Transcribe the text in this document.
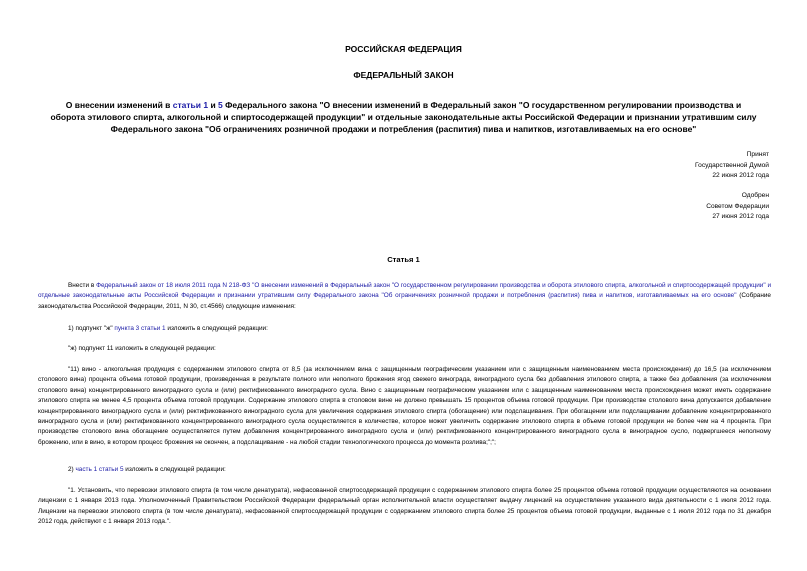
РОССИЙСКАЯ ФЕДЕРАЦИЯ
ФЕДЕРАЛЬНЫЙ ЗАКОН
О внесении изменений в статьи 1 и 5 Федерального закона "О внесении изменений в Федеральный закон "О государственном регулировании производства и оборота этилового спирта, алкогольной и спиртосодержащей продукции" и отдельные законодательные акты Российской Федерации и признании утратившим силу Федерального закона "Об ограничениях розничной продажи и потребления (распития) пива и напитков, изготавливаемых на его основе"
Принят
Государственной Думой
22 июня 2012 года
Одобрен
Советом Федерации
27 июня 2012 года
Статья 1
Внести в Федеральный закон от 18 июля 2011 года N 218-ФЗ "О внесении изменений в Федеральный закон "О государственном регулировании производства и оборота этилового спирта, алкогольной и спиртосодержащей продукции" и отдельные законодательные акты Российской Федерации и признании утратившим силу Федерального закона "Об ограничениях розничной продажи и потребления (распития) пива и напитков, изготавливаемых на его основе" (Собрание законодательства Российской Федерации, 2011, N 30, ст.4566) следующие изменения:
1) подпункт "ж" пункта 3 статьи 1 изложить в следующей редакции:
"ж) подпункт 11 изложить в следующей редакции:
"11) вино - алкогольная продукция с содержанием этилового спирта от 8,5 (за исключением вина с защищенным географическим указанием или с защищенным наименованием места происхождения) до 16,5 (за исключением столового вина) процента объема готовой продукции, произведенная в результате полного или неполного брожения ягод свежего винограда, виноградного сусла без добавления этилового спирта, а также без добавления (за исключением столового вина) концентрированного виноградного сусла и (или) ректификованного виноградного сусла. Вино с защищенным географическим указанием или с защищенным наименованием места происхождения может иметь содержание этилового спирта не менее 4,5 процента объема готовой продукции. Содержание этилового спирта в столовом вине не должно превышать 15 процентов объема готовой продукции. При производстве столового вина допускается добавление концентрированного виноградного сусла и (или) ректификованного виноградного сусла для увеличения содержания этилового спирта (обогащение) или подслащивания. При обогащении или подслащивании добавление концентрированного виноградного сусла и (или) ректификованного концентрированного виноградного сусла осуществляется в количестве, которое может увеличить содержание этилового спирта в объеме готовой продукции не более чем на 4 процента. При производстве столового вина обогащение осуществляется путем добавления концентрированного виноградного сусла и (или) ректификованного концентрированного виноградного сусла в виноградное сусло, подвергшееся неполному брожению, или в вино, в котором процесс брожения не окончен, а подслащивание - на любой стадии технологического процесса до момента розлива;";";
2) часть 1 статьи 5 изложить в следующей редакции:
"1. Установить, что перевозки этилового спирта (в том числе денатурата), нефасованной спиртосодержащей продукции с содержанием этилового спирта более 25 процентов объема готовой продукции осуществляются на основании лицензии с 1 января 2013 года. Уполномоченный Правительством Российской Федерации федеральный орган исполнительной власти осуществляет выдачу лицензий на осуществление указанного вида деятельности с 1 июля 2012 года. Лицензии на перевозки этилового спирта (в том числе денатурата), нефасованной спиртосодержащей продукции с содержанием этилового спирта более 25 процентов объема готовой продукции, выданные с 1 июля 2012 года по 31 декабря 2012 года, действуют с 1 января 2013 года.".
